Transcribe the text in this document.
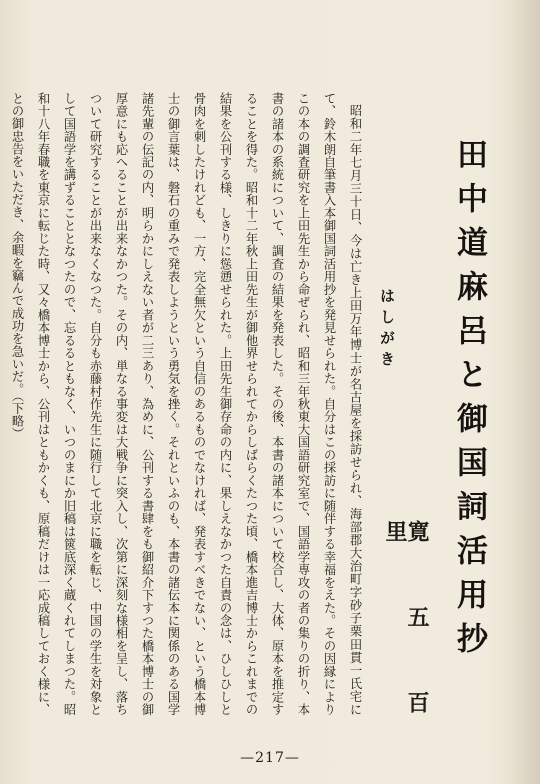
田中道麻呂と御国詞活用抄
寛 五 百 里
はしがき
昭和二年七月三十日、今は亡き上田万年博士が名古屋を採訪せられ、海部郡大治町字砂子栗田貫一氏宅にて、鈴木朗自筆書入本御国詞活用抄を発見せられた。自分はこの採訪に随伴する幸福をえた。その因縁によりこの本の調査研究を上田先生から命ぜられ、昭和三年秋東大国語研究室で、国語学専攻の者の集りの折り、本書の諸本の系統について、調査の結果を発表した。その後、本書の諸本について校合し、大体、原本を推定することを得た。昭和十二年秋上田先生が御他界せられてからしばらくたつた頃、橋本進吉博士からこれまでの結果を公刊する様、しきりに慫慂せられた。上田先生御存命の内に、果しえなかつた自責の念は、ひしひしと骨肉を刺したけれども、一方、完全無欠という自信のあるものでなければ、発表すべきでない、という橋本博士の御言葉は、磐石の重みで発表しようという勇気を挫く。それといふのも、本書の諸伝本に関係のある国学諸先輩の伝記の内、明らかにしえない者が二三あり、為めに、公刊する書肆をも御紹介下すつた橋本博士の御厚意にも応へることが出来なかつた。その内、単なる事変は大戦争に突入し、次第に深刻な様相を呈し、落ちついて研究することが出来なくなつた。自分も赤藤村作先生に随行して北京に職を転じ、中国の学生を対象として国語学を講ずることとなつたので、忘るるともなく、いつのまにか旧稿は篋底深く蔵くれてしまつた。昭和十八年春職を東京に転じた時、又々橋本博士から、公刊はともかくも、原稿だけは一応成稿しておく様に、との御忠告をいただき、余暇を竊んで成功を急いだ。（下略）
—217—
